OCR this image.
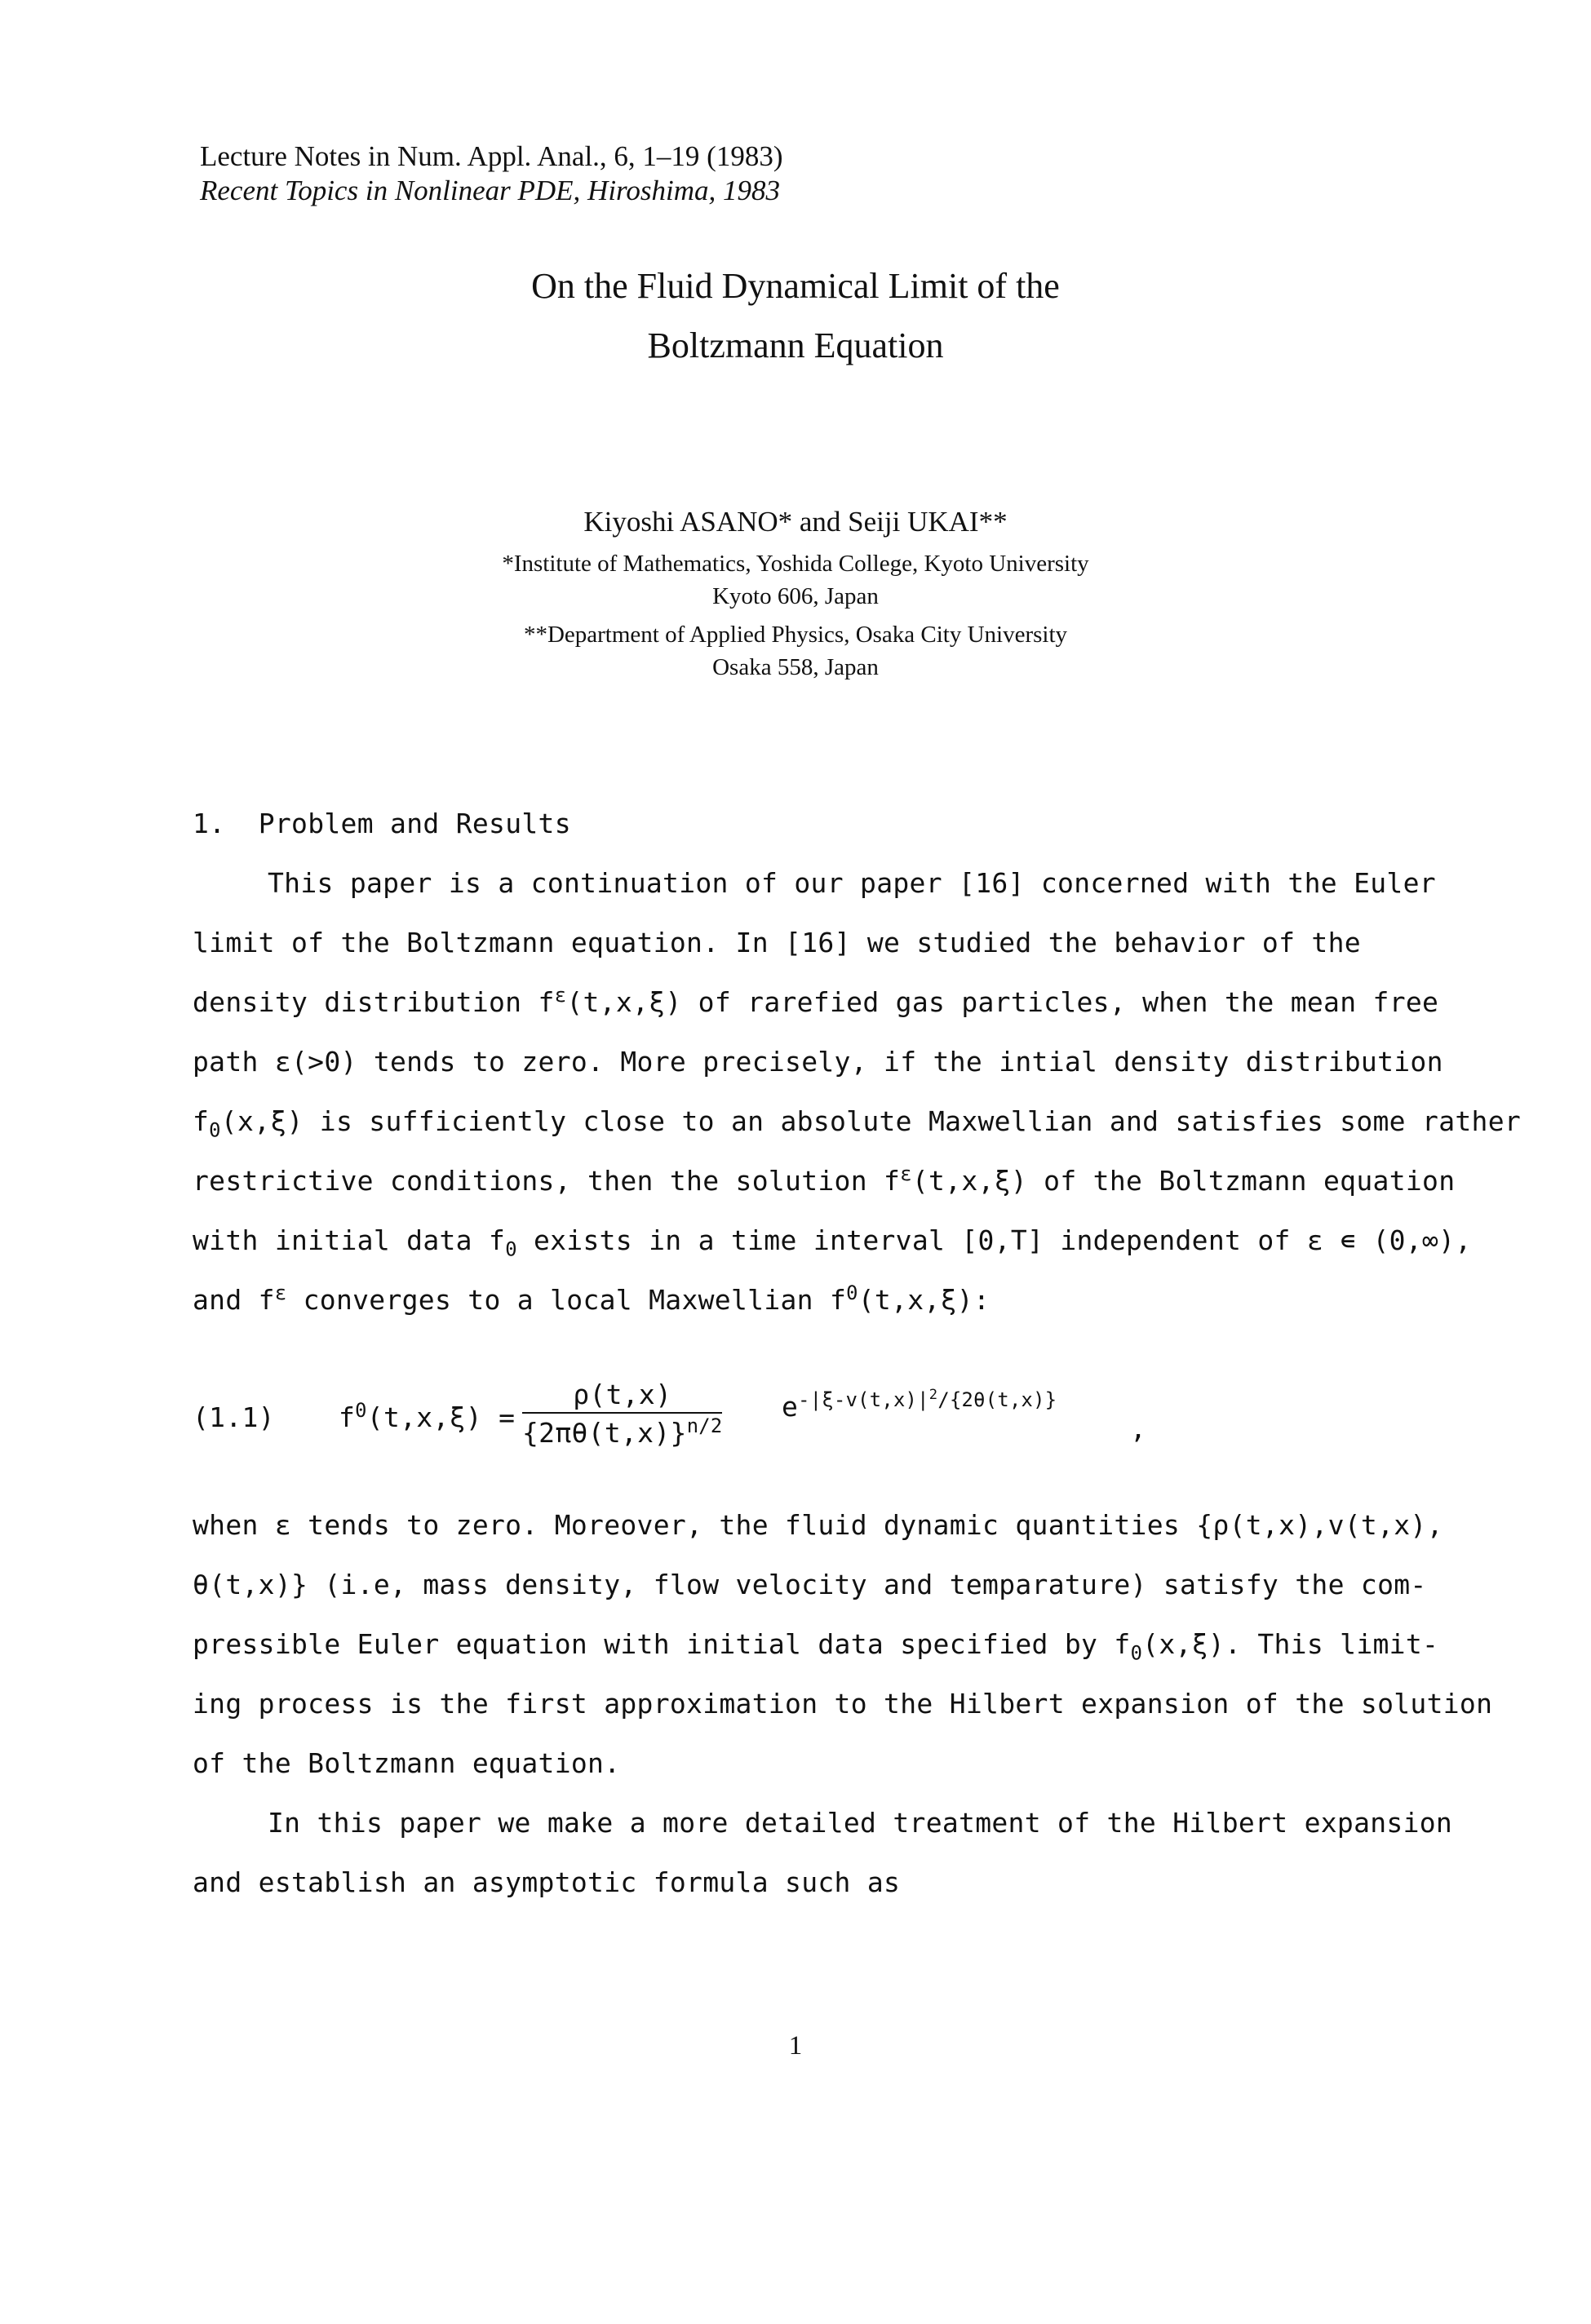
Lecture Notes in Num. Appl. Anal., 6, 1–19 (1983)
Recent Topics in Nonlinear PDE, Hiroshima, 1983
On the Fluid Dynamical Limit of the
Boltzmann Equation
Kiyoshi ASANO* and Seiji UKAI**
*Institute of Mathematics, Yoshida College, Kyoto University
Kyoto 606, Japan
**Department of Applied Physics, Osaka City University
Osaka 558, Japan
1. Problem and Results
This paper is a continuation of our paper [16] concerned with the Euler
limit of the Boltzmann equation. In [16] we studied the behavior of the
density distribution $f^\varepsilon(t,x,\xi)$ of rarefied gas particles, when the mean free
path ε(>0) tends to zero. More precisely, if the intial density distribution
$f_0(x,\xi)$ is sufficiently close to an absolute Maxwellian and satisfies some rather
restrictive conditions, then the solution $f^\varepsilon(t,x,\xi)$ of the Boltzmann equation
with initial data $f_0$ exists in a time interval [0,T] independent of ε ∊ (0,∞),
and $f^\varepsilon$ converges to a local Maxwellian $f^0(t,x,\xi)$:
(1.1) $f^0(t,x,\xi) = \frac{\rho(t,x)}{\{2\pi\theta(t,x)\}^{n/2}} e^{-|\xi-v(t,x)|^2/\{2\theta(t,x)\}}$
,
when ε tends to zero. Moreover, the fluid dynamic quantities {ρ(t,x),v(t,x),
θ(t,x)} (i.e, mass density, flow velocity and temparature) satisfy the com-
pressible Euler equation with initial data specified by $f_0(x,\xi)$. This limit-
ing process is the first approximation to the Hilbert expansion of the solution
of the Boltzmann equation.
In this paper we make a more detailed treatment of the Hilbert expansion
and establish an asymptotic formula such as
1
